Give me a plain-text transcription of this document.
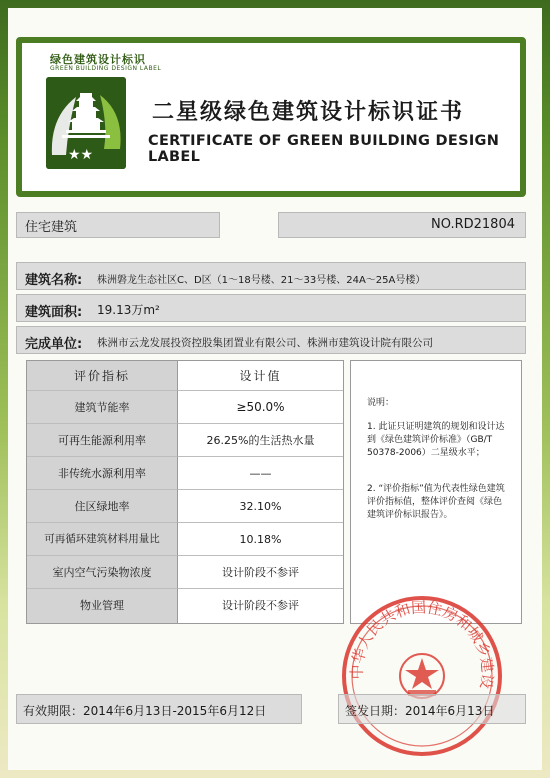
绿色建筑设计标识
GREEN BUILDING DESIGN LABEL
★★
二星级绿色建筑设计标识证书
CERTIFICATE OF GREEN BUILDING DESIGN LABEL
住宅建筑	NO.RD21804
建筑名称: 株洲磐龙生态社区C、D区（1～18号楼、21～33号楼、24A～25A号楼）
建筑面积: 19.13万m²
完成单位: 株洲市云龙发展投资控股集团置业有限公司、株洲市建筑设计院有限公司
评价指标	设计值
建筑节能率	≥50.0%
可再生能源利用率	26.25%的生活热水量
非传统水源利用率	——
住区绿地率	32.10%
可再循环建筑材料用量比	10.18%
室内空气污染物浓度	设计阶段不参评
物业管理	设计阶段不参评
说明：
1. 此证只证明建筑的规划和设计达到《绿色建筑评价标准》（GB/T 50378-2006）二星级水平；
2. “评价指标”值为代表性绿色建筑评价指标值，整体评价查阅《绿色建筑评价标识报告》。
中华人民共和国住房和城乡建设
有效期限：2014年6月13日-2015年6月12日	签发日期：2014年6月13日
